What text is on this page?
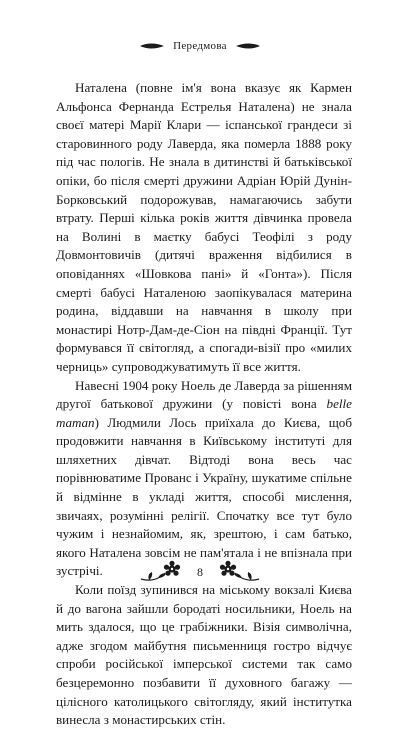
Передмова

Наталена (повне ім'я вона вказує як Кармен Альфонса Фернанда Естрелья Наталена) не знала своєї матері Марії Клари — іспанської грандеси зі старовинного роду Лаверда, яка померла 1888 року під час пологів. Не знала в дитинстві й батьківської опіки, бо після смерті дружини Адріан Юрій Дунін-Борковський подорожував, намагаючись забути втрату. Перші кілька років життя дівчинка провела на Волині в маєтку бабусі Теофілі з роду Довмонтовичів (дитячі враження відбилися в оповіданнях «Шовкова пані» й «Гонта»). Після смерті бабусі Наталеною заопікувалася материна родина, віддавши на навчання в школу при монастирі Нотр-Дам-де-Сіон на півдні Франції. Тут формувався її світогляд, а спогади-візії про «милих черниць» супроводжуватимуть її все життя.

Навесні 1904 року Ноель де Лаверда за рішенням другої батькової дружини (у повісті вона belle maman) Людмили Лось приїхала до Києва, щоб продовжити навчання в Київському інституті для шляхетних дівчат. Відтоді вона весь час порівнюватиме Прованс і Україну, шукатиме спільне й відмінне в укладі життя, способі мислення, звичаях, розумінні релігії. Спочатку все тут було чужим і незнайомим, як, зрештою, і сам батько, якого Наталена зовсім не пам'ятала і не впізнала при зустрічі.

Коли поїзд зупинився на міському вокзалі Києва й до вагона зайшли бородаті носильники, Ноель на мить здалося, що це грабіжники. Візія символічна, адже згодом майбутня письменниця гостро відчує спроби російської імперської системи так само безцеремонно позбавити її духовного багажу — цілісного католицького світогляду, який інститутка винесла з монастирських стін.

8
